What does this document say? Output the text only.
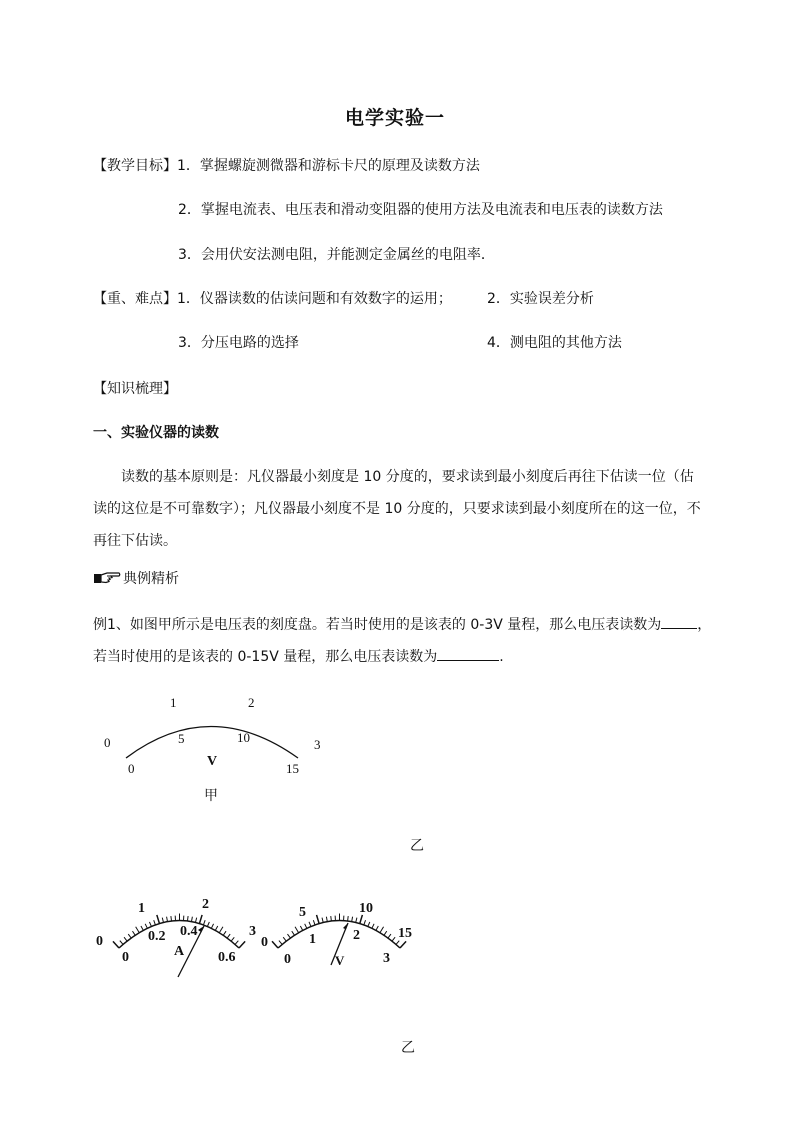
电学实验一
【教学目标】1．掌握螺旋测微器和游标卡尺的原理及读数方法
2．掌握电流表、电压表和滑动变阻器的使用方法及电流表和电压表的读数方法
3．会用伏安法测电阻，并能测定金属丝的电阻率．
【重、难点】1．仪器读数的估读问题和有效数字的运用；	2．实验误差分析
3．分压电路的选择	4．测电阻的其他方法
【知识梳理】
一、实验仪器的读数
读数的基本原则是：凡仪器最小刻度是 10 分度的，要求读到最小刻度后再往下估读一位（估
读的这位是不可靠数字）；凡仪器最小刻度不是 10 分度的，只要求读到最小刻度所在的这一位，不
再往下估读。
典例精析
例1、如图甲所示是电压表的刻度盘。若当时使用的是该表的 0-3V 量程，那么电压表读数为	，
若当时使用的是该表的 0-15V 量程，那么电压表读数为	.
0
1	2
3
0
5	10
15
V
甲
乙
0
1	2
3
0
0.2 0.4
0.6
A
0
5	10
15
0
1	2
3
V
乙
